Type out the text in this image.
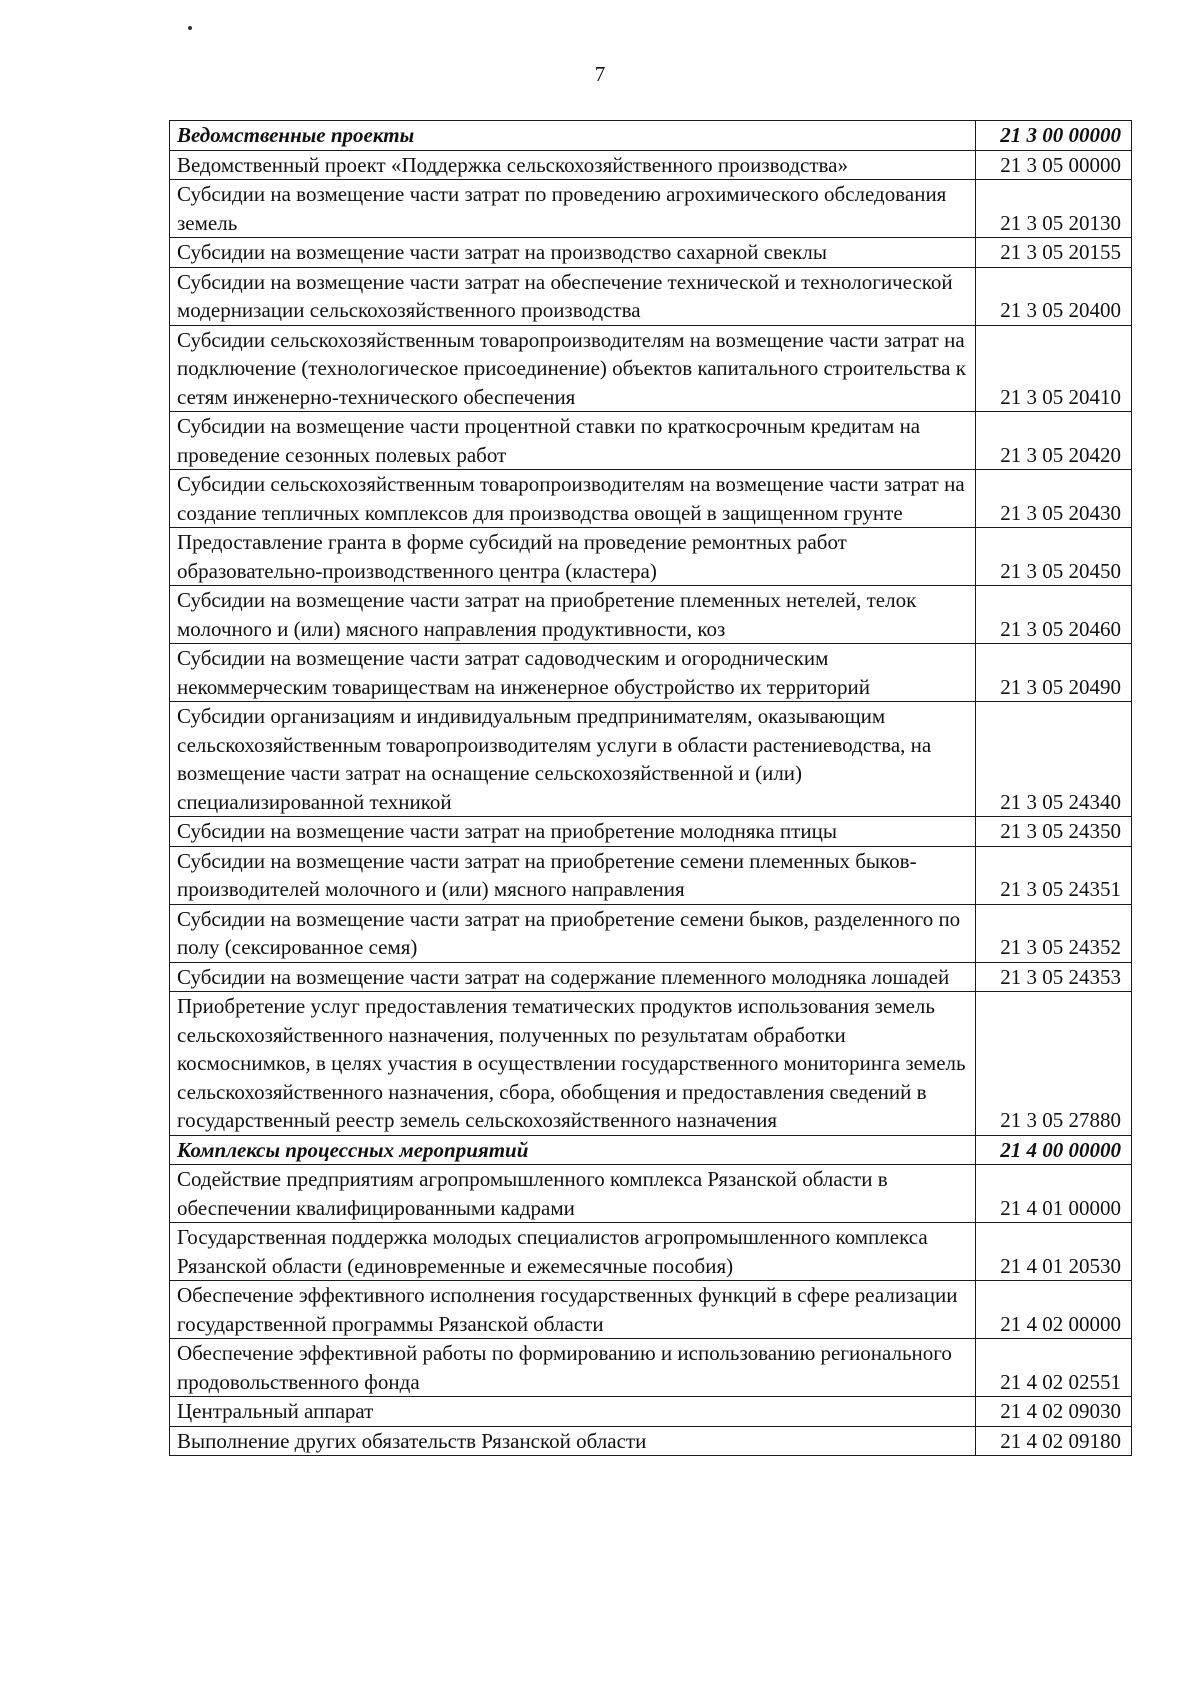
7
Ведомственные проекты	21 3 00 00000
Ведомственный проект «Поддержка сельскохозяйственного производства»	21 3 05 00000
Субсидии на возмещение части затрат по проведению агрохимического обследования земель	21 3 05 20130
Субсидии на возмещение части затрат на производство сахарной свеклы	21 3 05 20155
Субсидии на возмещение части затрат на обеспечение технической и технологической модернизации сельскохозяйственного производства	21 3 05 20400
Субсидии сельскохозяйственным товаропроизводителям на возмещение части затрат на подключение (технологическое присоединение) объектов капитального строительства к сетям инженерно-технического обеспечения	21 3 05 20410
Субсидии на возмещение части процентной ставки по краткосрочным кредитам на проведение сезонных полевых работ	21 3 05 20420
Субсидии сельскохозяйственным товаропроизводителям на возмещение части затрат на создание тепличных комплексов для производства овощей в защищенном грунте	21 3 05 20430
Предоставление гранта в форме субсидий на проведение ремонтных работ образовательно-производственного центра (кластера)	21 3 05 20450
Субсидии на возмещение части затрат на приобретение племенных нетелей, телок молочного и (или) мясного направления продуктивности, коз	21 3 05 20460
Субсидии на возмещение части затрат садоводческим и огородническим некоммерческим товариществам на инженерное обустройство их территорий	21 3 05 20490
Субсидии организациям и индивидуальным предпринимателям, оказывающим сельскохозяйственным товаропроизводителям услуги в области растениеводства, на возмещение части затрат на оснащение сельскохозяйственной и (или) специализированной техникой	21 3 05 24340
Субсидии на возмещение части затрат на приобретение молодняка птицы	21 3 05 24350
Субсидии на возмещение части затрат на приобретение семени племенных быков-производителей молочного и (или) мясного направления	21 3 05 24351
Субсидии на возмещение части затрат на приобретение семени быков, разделенного по полу (сексированное семя)	21 3 05 24352
Субсидии на возмещение части затрат на содержание племенного молодняка лошадей	21 3 05 24353
Приобретение услуг предоставления тематических продуктов использования земель сельскохозяйственного назначения, полученных по результатам обработки космоснимков, в целях участия в осуществлении государственного мониторинга земель сельскохозяйственного назначения, сбора, обобщения и предоставления сведений в государственный реестр земель сельскохозяйственного назначения	21 3 05 27880
Комплексы процессных мероприятий	21 4 00 00000
Содействие предприятиям агропромышленного комплекса Рязанской области в обеспечении квалифицированными кадрами	21 4 01 00000
Государственная поддержка молодых специалистов агропромышленного комплекса Рязанской области (единовременные и ежемесячные пособия)	21 4 01 20530
Обеспечение эффективного исполнения государственных функций в сфере реализации государственной программы Рязанской области	21 4 02 00000
Обеспечение эффективной работы по формированию и использованию регионального продовольственного фонда	21 4 02 02551
Центральный аппарат	21 4 02 09030
Выполнение других обязательств Рязанской области	21 4 02 09180
